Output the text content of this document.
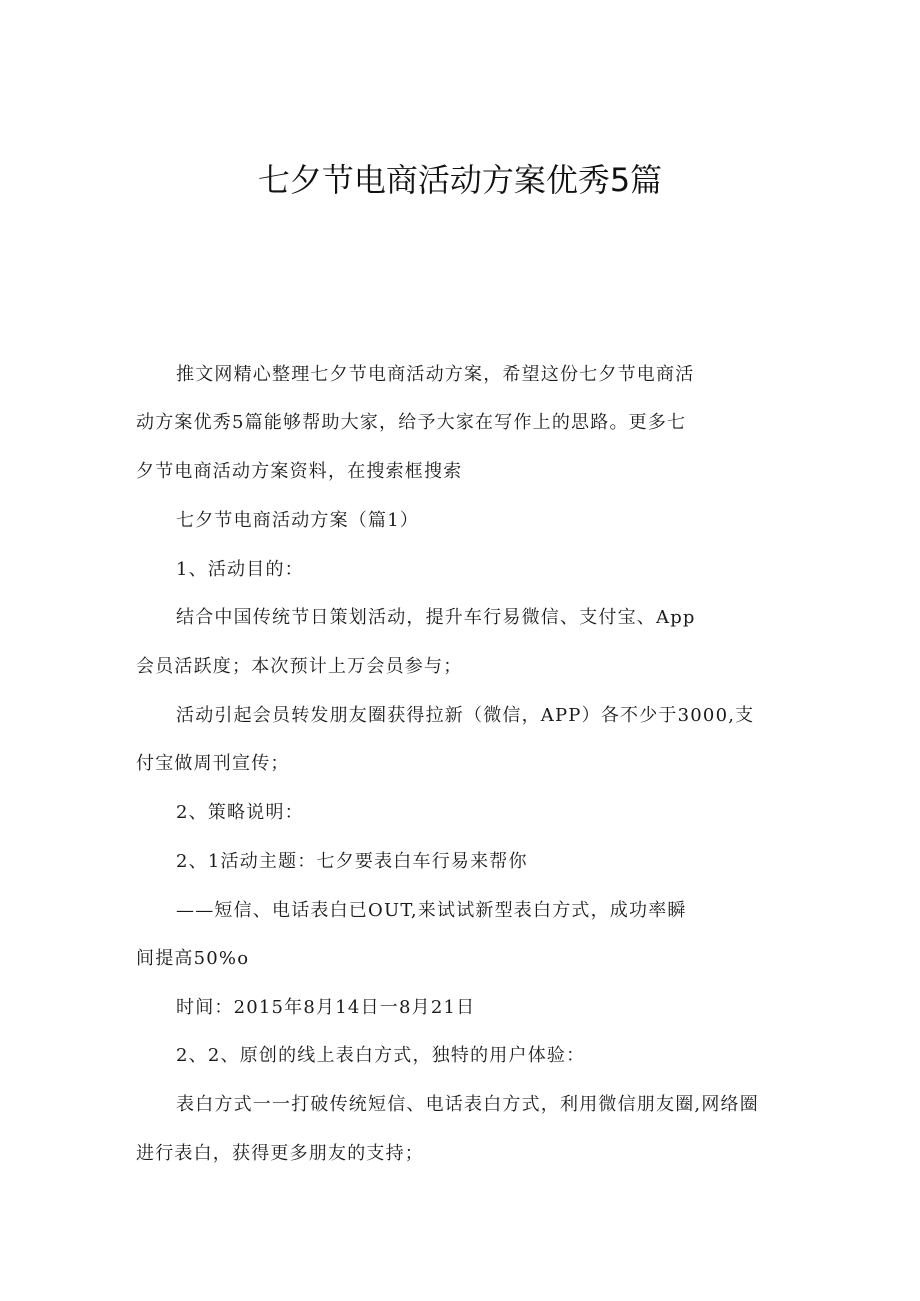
七夕节电商活动方案优秀5篇

推文网精心整理七夕节电商活动方案，希望这份七夕节电商活

动方案优秀5篇能够帮助大家，给予大家在写作上的思路。更多七

夕节电商活动方案资料，在搜索框搜索

七夕节电商活动方案（篇1）

1、活动目的：

结合中国传统节日策划活动，提升车行易微信、支付宝、App

会员活跃度；本次预计上万会员参与；

活动引起会员转发朋友圈获得拉新（微信，APP）各不少于3000,支

付宝做周刊宣传；

2、策略说明：

2、1活动主题：七夕要表白车行易来帮你

——短信、电话表白已OUT,来试试新型表白方式，成功率瞬

间提高50%o

时间：2015年8月14日一8月21日

2、2、原创的线上表白方式，独特的用户体验：

表白方式一一打破传统短信、电话表白方式，利用微信朋友圈,网络圈

进行表白，获得更多朋友的支持；
